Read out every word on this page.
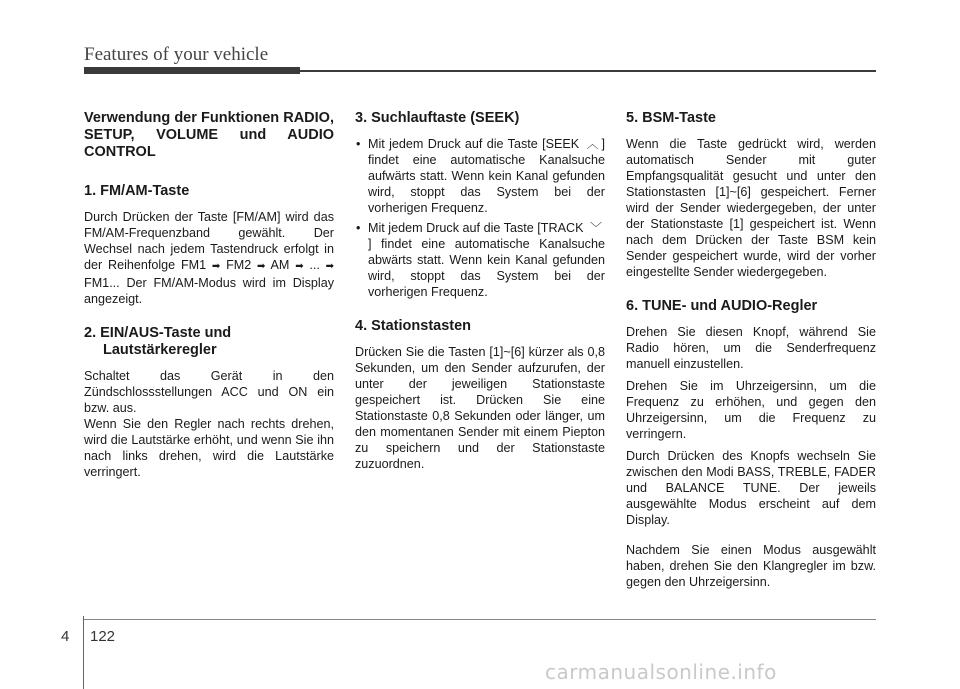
Features of your vehicle
Verwendung der Funktionen RADIO, SETUP, VOLUME und AUDIO CONTROL
1. FM/AM-Taste
Durch Drücken der Taste [FM/AM] wird das FM/AM-Frequenzband gewählt. Der Wechsel nach jedem Tastendruck erfolgt in der Reihenfolge FM1 ➡ FM2 ➡ AM ➡ ... ➡ FM1... Der FM/AM-Modus wird im Display angezeigt.
2. EIN/AUS-Taste und
Lautstärkeregler
Schaltet das Gerät in den Zündschlossstellungen ACC und ON ein bzw. aus.
Wenn Sie den Regler nach rechts drehen, wird die Lautstärke erhöht, und wenn Sie ihn nach links drehen, wird die Lautstärke verringert.
3. Suchlauftaste (SEEK)
• Mit jedem Druck auf die Taste [SEEK ︿ ] findet eine automatische Kanalsuche aufwärts statt. Wenn kein Kanal gefunden wird, stoppt das System bei der vorherigen Frequenz.
• Mit jedem Druck auf die Taste [TRACK ﹀] findet eine automatische Kanalsuche abwärts statt. Wenn kein Kanal gefunden wird, stoppt das System bei der vorherigen Frequenz.
4. Stationstasten
Drücken Sie die Tasten [1]~[6] kürzer als 0,8 Sekunden, um den Sender aufzurufen, der unter der jeweiligen Stationstaste gespeichert ist. Drücken Sie eine Stationstaste 0,8 Sekunden oder länger, um den momentanen Sender mit einem Piepton zu speichern und der Stationstaste zuzuordnen.
5. BSM-Taste
Wenn die Taste gedrückt wird, werden automatisch Sender mit guter Empfangsqualität gesucht und unter den Stationstasten [1]~[6] gespeichert. Ferner wird der Sender wiedergegeben, der unter der Stationstaste [1] gespeichert ist. Wenn nach dem Drücken der Taste BSM kein Sender gespeichert wurde, wird der vorher eingestellte Sender wiedergegeben.
6. TUNE- und AUDIO-Regler
Drehen Sie diesen Knopf, während Sie Radio hören, um die Senderfrequenz manuell einzustellen.
Drehen Sie im Uhrzeigersinn, um die Frequenz zu erhöhen, und gegen den Uhrzeigersinn, um die Frequenz zu verringern.
Durch Drücken des Knopfs wechseln Sie zwischen den Modi BASS, TREBLE, FADER und BALANCE TUNE. Der jeweils ausgewählte Modus erscheint auf dem Display.
Nachdem Sie einen Modus ausgewählt haben, drehen Sie den Klangregler im bzw. gegen den Uhrzeigersinn.
4 122
carmanualsonline.info
